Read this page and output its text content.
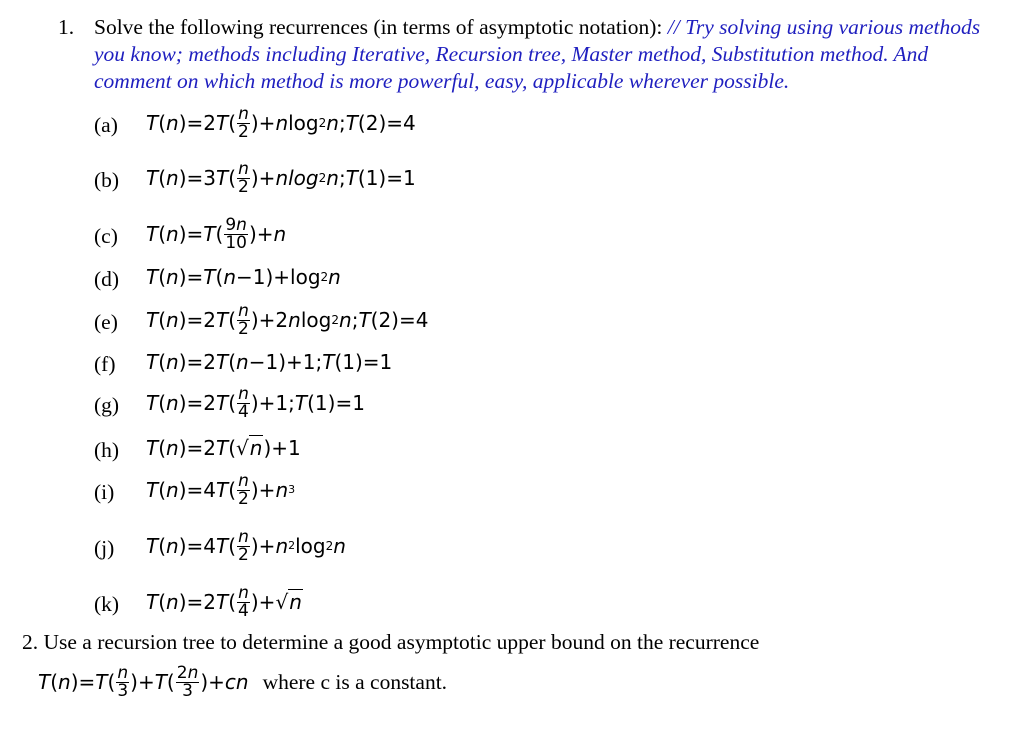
1. Solve the following recurrences (in terms of asymptotic notation): // Try solving using various methods you know; methods including Iterative, Recursion tree, Master method, Substitution method. And comment on which method is more powerful, easy, applicable wherever possible.
(a)	T ( n )=2 T ( $\frac{n}{2}$ )+ n log 2 n ; T (2)=4
(b)	T ( n )=3 T ( $\frac{n}{2}$ )+ nlog 2 n ; T (1)=1
(c)	T ( n )= T ( $\frac{9n}{10}$ )+ n
(d)	T ( n )= T ( n −1)+log 2 n
(e)	T ( n )=2 T ( $\frac{n}{2} )+2$ n log 2 n ; T (2)=4
(f)	T ( n )=2 T ( n −1)+1; T (1)=1
(g)	T ( n )=2 T ( $\frac{n}{4} )+1$; T (1)=1
(h)	T ( n )=2 T ( √n )+1
(i)	T ( n )=4 T ( $\frac{n}{2}$ )+ n 3
(j)	T ( n )=4 T ( $\frac{n}{2}$ )+ n 2 log 2 n
(k)	T ( n )=2 T ( $\frac{n}{4}$ )+ √n
2. Use a recursion tree to determine a good asymptotic upper bound on the recurrence
T ( n )= T ( $\frac{n}{3}$ )+ T ( $\frac{2n}{3}$ )+ cn where c is a constant.
